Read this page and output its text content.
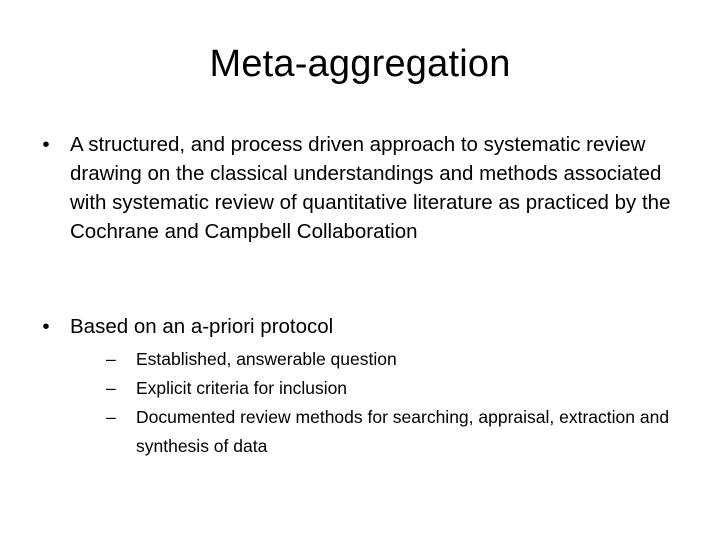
Meta-aggregation
• A structured, and process driven approach to systematic review drawing on the classical understandings and methods associated with systematic review of quantitative literature as practiced by the Cochrane and Campbell Collaboration
• Based on an a-priori protocol
–	Established, answerable question
–	Explicit criteria for inclusion
–	Documented review methods for searching, appraisal, extraction and synthesis of data
